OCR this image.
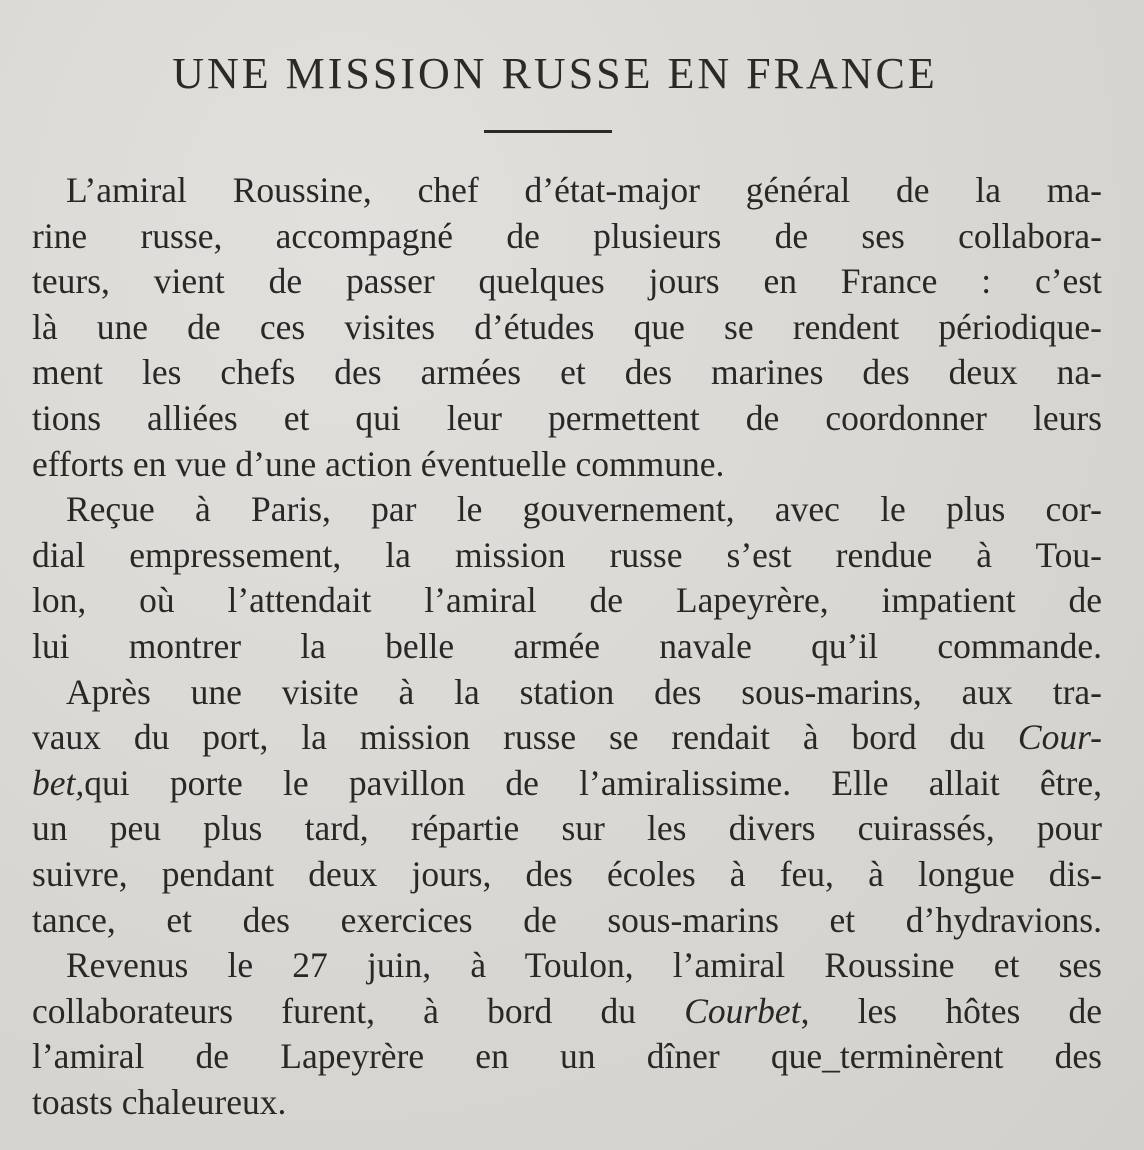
UNE MISSION RUSSE EN FRANCE
L’amiral Roussine, chef d’état-major général de la ma-
rine russe, accompagné de plusieurs de ses collabora-
teurs, vient de passer quelques jours en France : c’est
là une de ces visites d’études que se rendent périodique-
ment les chefs des armées et des marines des deux na-
tions alliées et qui leur permettent de coordonner leurs
efforts en vue d’une action éventuelle commune.
Reçue à Paris, par le gouvernement, avec le plus cor-
dial empressement, la mission russe s’est rendue à Tou-
lon, où l’attendait l’amiral de Lapeyrère, impatient de
lui montrer la belle armée navale qu’il commande.
Après une visite à la station des sous-marins, aux tra-
vaux du port, la mission russe se rendait à bord du Cour-
bet,qui porte le pavillon de l’amiralissime. Elle allait être,
un peu plus tard, répartie sur les divers cuirassés, pour
suivre, pendant deux jours, des écoles à feu, à longue dis-
tance, et des exercices de sous-marins et d’hydravions.
Revenus le 27 juin, à Toulon, l’amiral Roussine et ses
collaborateurs furent, à bord du Courbet, les hôtes de
l’amiral de Lapeyrère en un dîner que_terminèrent des
toasts chaleureux.
